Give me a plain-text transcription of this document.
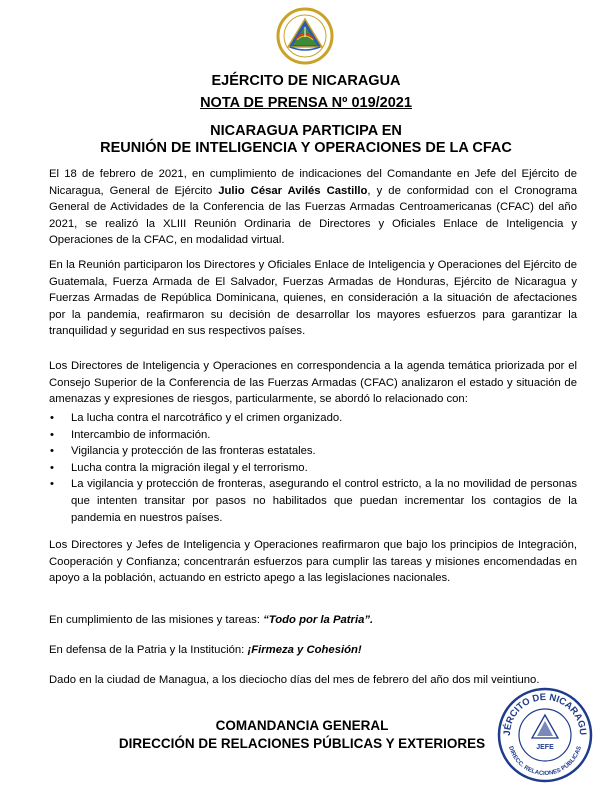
EJÉRCITO DE NICARAGUA
NOTA DE PRENSA Nº 019/2021
NICARAGUA PARTICIPA EN
REUNIÓN DE INTELIGENCIA Y OPERACIONES DE LA CFAC

El 18 de febrero de 2021, en cumplimiento de indicaciones del Comandante en Jefe del Ejército de Nicaragua, General de Ejército Julio César Avilés Castillo, y de conformidad con el Cronograma General de Actividades de la Conferencia de las Fuerzas Armadas Centroamericanas (CFAC) del año 2021, se realizó la XLIII Reunión Ordinaria de Directores y Oficiales Enlace de Inteligencia y Operaciones de la CFAC, en modalidad virtual.

En la Reunión participaron los Directores y Oficiales Enlace de Inteligencia y Operaciones del Ejército de Guatemala, Fuerza Armada de El Salvador, Fuerzas Armadas de Honduras, Ejército de Nicaragua y Fuerzas Armadas de República Dominicana, quienes, en consideración a la situación de afectaciones por la pandemia, reafirmaron su decisión de desarrollar los mayores esfuerzos para garantizar la tranquilidad y seguridad en sus respectivos países.

Los Directores de Inteligencia y Operaciones en correspondencia a la agenda temática priorizada por el Consejo Superior de la Conferencia de las Fuerzas Armadas (CFAC) analizaron el estado y situación de amenazas y expresiones de riesgos, particularmente, se abordó lo relacionado con:

• La lucha contra el narcotráfico y el crimen organizado.
• Intercambio de información.
• Vigilancia y protección de las fronteras estatales.
• Lucha contra la migración ilegal y el terrorismo.
• La vigilancia y protección de fronteras, asegurando el control estricto, a la no movilidad de personas que intenten transitar por pasos no habilitados que puedan incrementar los contagios de la pandemia en nuestros países.

Los Directores y Jefes de Inteligencia y Operaciones reafirmaron que bajo los principios de Integración, Cooperación y Confianza; concentrarán esfuerzos para cumplir las tareas y misiones encomendadas en apoyo a la población, actuando en estricto apego a las legislaciones nacionales.

En cumplimiento de las misiones y tareas: “Todo por la Patria”.

En defensa de la Patria y la Institución: ¡Firmeza y Cohesión!

Dado en la ciudad de Managua, a los dieciocho días del mes de febrero del año dos mil veintiuno.

COMANDANCIA GENERAL
DIRECCIÓN DE RELACIONES PÚBLICAS Y EXTERIORES
JÉRCITO DE NICARAGU
DIRECC. RELACIONES PÚBLICAS
JEFE
